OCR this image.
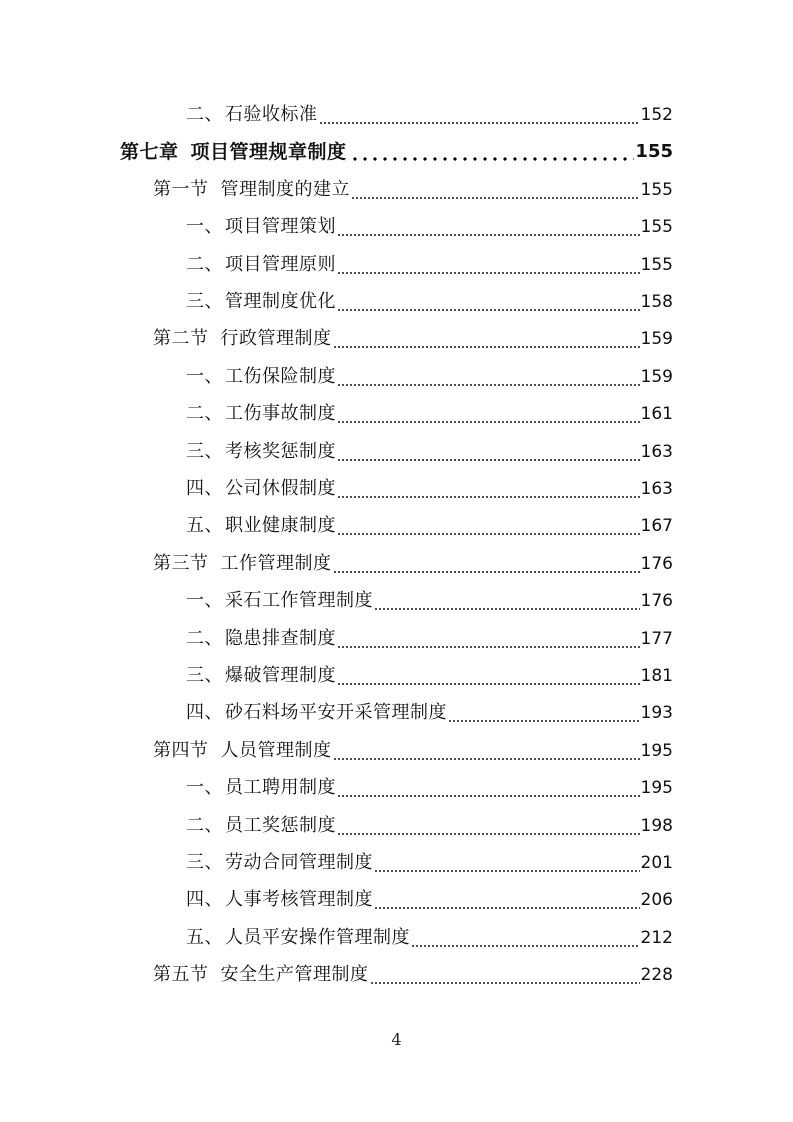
二、 石验收标准	152
第七章 项目管理规章制度	155
第一节 管理制度的建立	155
一、 项目管理策划	155
二、 项目管理原则	155
三、 管理制度优化	158
第二节 行政管理制度	159
一、 工伤保险制度	159
二、 工伤事故制度	161
三、 考核奖惩制度	163
四、 公司休假制度	163
五、 职业健康制度	167
第三节 工作管理制度	176
一、 采石工作管理制度	176
二、 隐患排查制度	177
三、 爆破管理制度	181
四、 砂石料场平安开采管理制度	193
第四节 人员管理制度	195
一、 员工聘用制度	195
二、 员工奖惩制度	198
三、 劳动合同管理制度	201
四、 人事考核管理制度	206
五、 人员平安操作管理制度	212
第五节 安全生产管理制度	228
4
